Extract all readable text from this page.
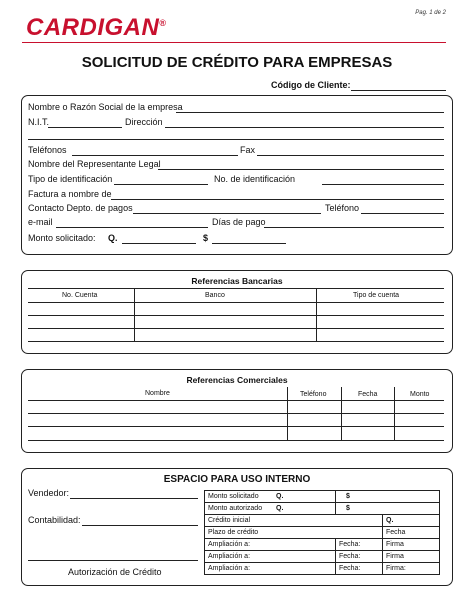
CARDIGAN®
Pag. 1 de 2
SOLICITUD DE CRÉDITO PARA EMPRESAS
Código de Cliente:
Nombre o Razón Social de la empresa
N.I.T.	Dirección
Teléfonos	Fax
Nombre del Representante Legal
Tipo de identificación	No. de identificación
Factura a nombre de
Contacto Depto. de pagos	Teléfono
e-mail	Días de pago
Monto solicitado: Q.	$
Referencias Bancarias
No. Cuenta	Banco	Tipo de cuenta
Referencias Comerciales
Nombre	Teléfono	Fecha	Monto
ESPACIO PARA USO INTERNO
Vendedor:
Contabilidad:
Autorización de Crédito
Monto solicitado	Q.	$	
Monto autorizado	Q.	$	
Crédito inicial			Q.
Plazo de crédito			Fecha
Ampliación a:		Fecha:	Firma
Ampliación a:		Fecha:	Firma
Ampliación a:		Fecha:	Firma:
